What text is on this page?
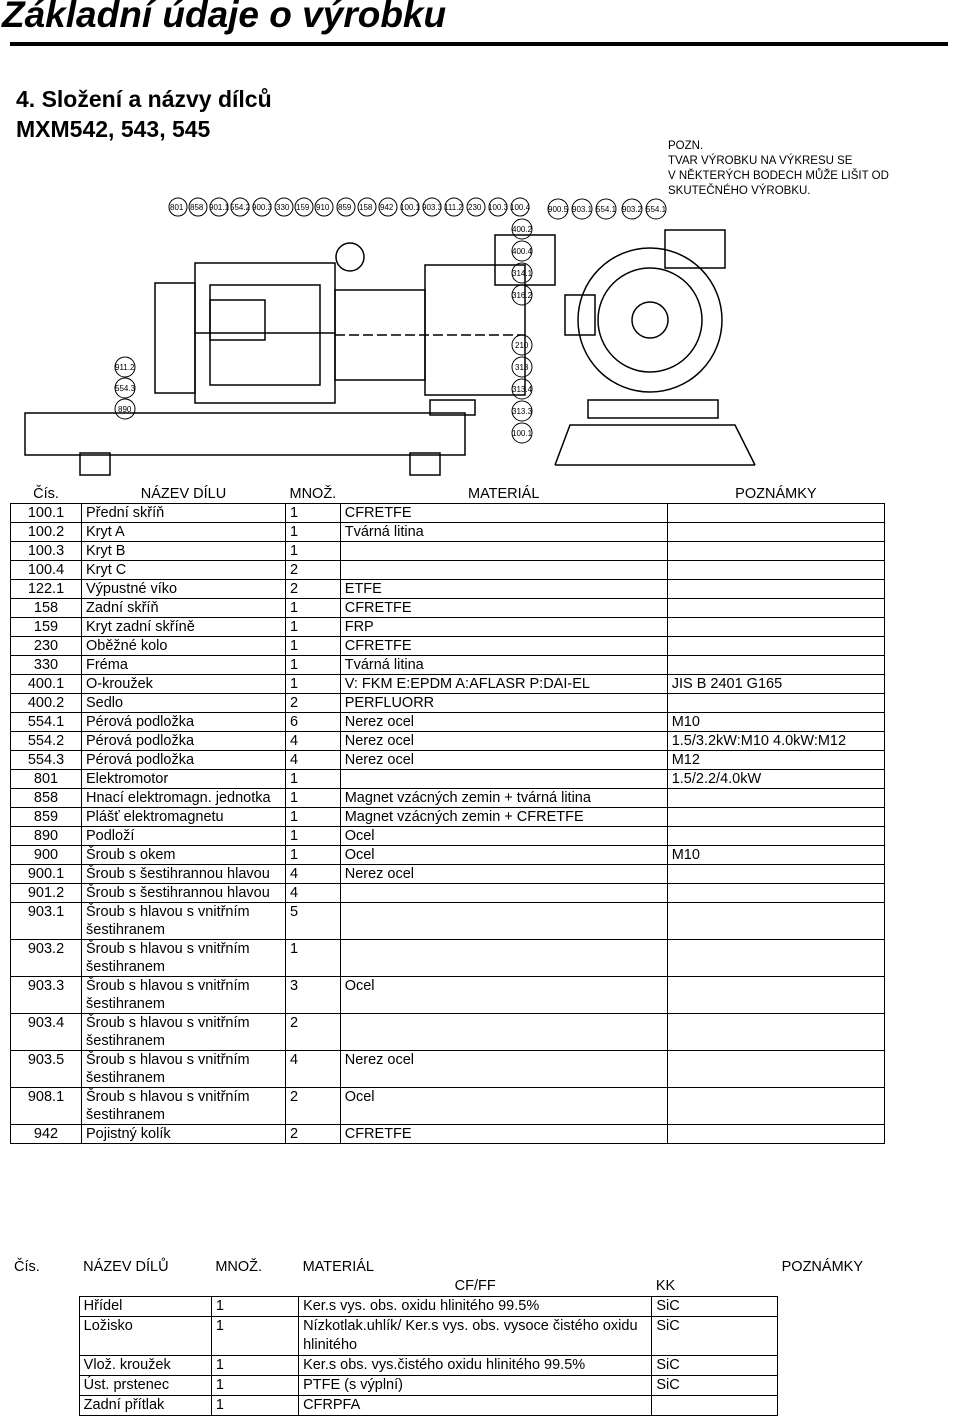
Základní údaje o výrobku
4. Složení a názvy dílců
MXM542, 543, 545
POZN.
TVAR VÝROBKU NA VÝKRESU SE
V NĚKTERÝCH BODECH MŮŽE LIŠIT OD
SKUTEČNÉHO VÝROBKU.
801 858 901.1 554.2 900.3 330 159 910 859 158 942 100.1 903.3 111.2 230 100.3 100.4 900.5 903.1 554.1 903.2 554.1
400.2
400.4
314.1
316.2
210
313
313.4
313.3
100.1
911.2
554.3
890
Čís.	NÁZEV DÍLU	MNOŽ.	MATERIÁL	POZNÁMKY
100.1	Přední skříň	1	CFRETFE	
100.2	Kryt A	1	Tvárná litina	
100.3	Kryt B	1		
100.4	Kryt C	2		
122.1	Výpustné víko	2	ETFE	
158	Zadní skříň	1	CFRETFE	
159	Kryt zadní skříně	1	FRP	
230	Oběžné kolo	1	CFRETFE	
330	Fréma	1	Tvárná litina	
400.1	O-kroužek	1	V: FKM E:EPDM A:AFLASR P:DAI-EL	JIS B 2401 G165
400.2	Sedlo	2	PERFLUORR	
554.1	Pérová podložka	6	Nerez ocel	M10
554.2	Pérová podložka	4	Nerez ocel	1.5/3.2kW:M10 4.0kW:M12
554.3	Pérová podložka	4	Nerez ocel	M12
801	Elektromotor	1		1.5/2.2/4.0kW
858	Hnací elektromagn. jednotka	1	Magnet vzácných zemin + tvárná litina	
859	Plášť elektromagnetu	1	Magnet vzácných zemin + CFRETFE	
890	Podloží	1	Ocel	
900	Šroub s okem	1	Ocel	M10
900.1	Šroub s šestihrannou hlavou	4	Nerez ocel	
901.2	Šroub s šestihrannou hlavou	4		
903.1	Šroub s hlavou s vnitřním šestihranem	5		
903.2	Šroub s hlavou s vnitřním šestihranem	1		
903.3	Šroub s hlavou s vnitřním šestihranem	3	Ocel	
903.4	Šroub s hlavou s vnitřním šestihranem	2		
903.5	Šroub s hlavou s vnitřním šestihranem	4	Nerez ocel	
908.1	Šroub s hlavou s vnitřním šestihranem	2	Ocel	
942	Pojistný kolík	2	CFRETFE	
Čís.	NÁZEV DÍLŮ	MNOŽ.	MATERIÁL		POZNÁMKY
			CF/FF	KK	
	Hřídel	1	Ker.s vys. obs. oxidu hlinitého 99.5%	SiC	
	Ložisko	1	Nízkotlak.uhlík/ Ker.s vys. obs. vysoce čistého oxidu hlinitého	SiC	
	Vlož. kroužek	1	Ker.s obs. vys.čistého oxidu hlinitého 99.5%	SiC	
	Úst. prstenec	1	PTFE (s výplní)	SiC	
	Zadní přítlak	1	CFRPFA		
